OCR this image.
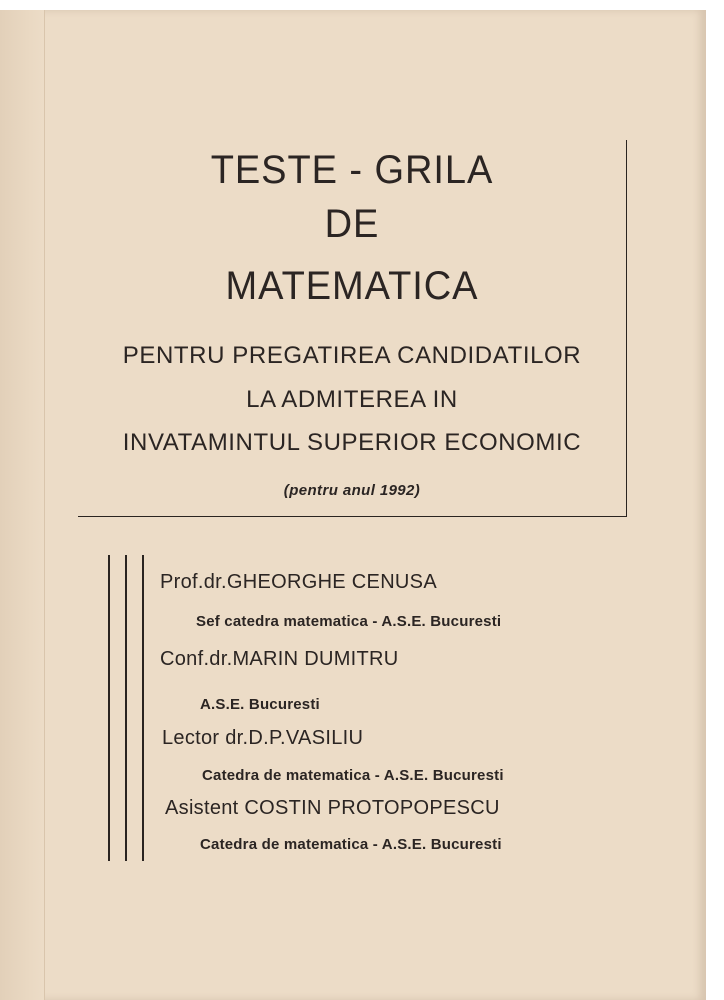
TESTE - GRILA
DE
MATEMATICA
PENTRU PREGATIREA CANDIDATILOR
LA ADMITEREA IN
INVATAMINTUL SUPERIOR ECONOMIC
(pentru anul 1992)
Prof.dr.GHEORGHE CENUSA
Sef catedra matematica - A.S.E. Bucuresti
Conf.dr.MARIN DUMITRU
A.S.E. Bucuresti
Lector dr.D.P.VASILIU
Catedra de matematica - A.S.E. Bucuresti
Asistent COSTIN PROTOPOPESCU
Catedra de matematica - A.S.E. Bucuresti
